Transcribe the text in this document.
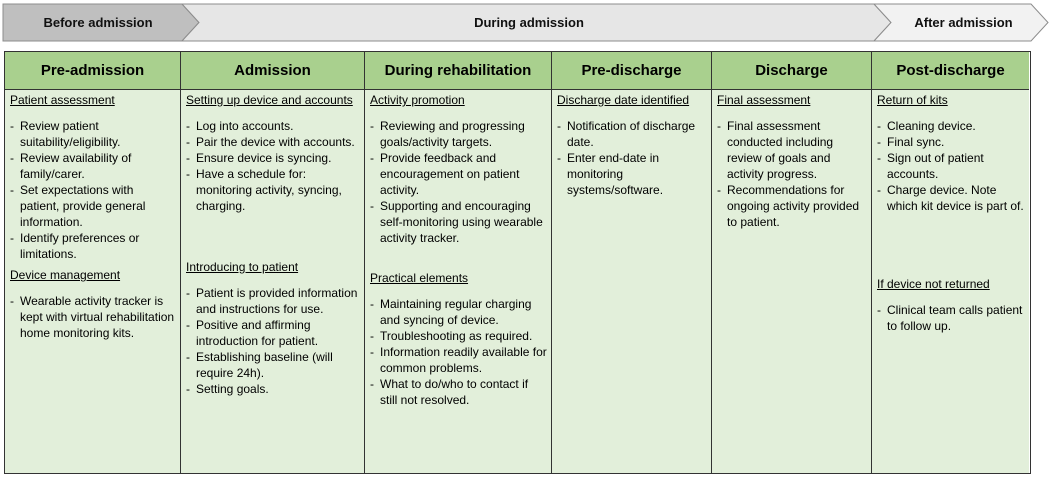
Before admission	During admission	After admission
Pre-admission

Patient assessment

- Review patient suitability/eligibility.
- Review availability of family/carer.
- Set expectations with patient, provide general information.
- Identify preferences or limitations.

Device management

- Wearable activity tracker is kept with virtual rehabilitation home monitoring kits.
Admission

Setting up device and accounts

- Log into accounts.
- Pair the device with accounts.
- Ensure device is syncing.
- Have a schedule for: monitoring activity, syncing, charging.

Introducing to patient

- Patient is provided information and instructions for use.
- Positive and affirming introduction for patient.
- Establishing baseline (will require 24h).
- Setting goals.
During rehabilitation

Activity promotion

- Reviewing and progressing goals/activity targets.
- Provide feedback and encouragement on patient activity.
- Supporting and encouraging self-monitoring using wearable activity tracker.

Practical elements

- Maintaining regular charging and syncing of device.
- Troubleshooting as required.
- Information readily available for common problems.
- What to do/who to contact if still not resolved.
Pre-discharge

Discharge date identified

- Notification of discharge date.
- Enter end-date in monitoring systems/software.
Discharge

Final assessment

- Final assessment conducted including review of goals and activity progress.
- Recommendations for ongoing activity provided to patient.
Post-discharge

Return of kits

- Cleaning device.
- Final sync.
- Sign out of patient accounts.
- Charge device. Note which kit device is part of.

If device not returned

- Clinical team calls patient to follow up.
